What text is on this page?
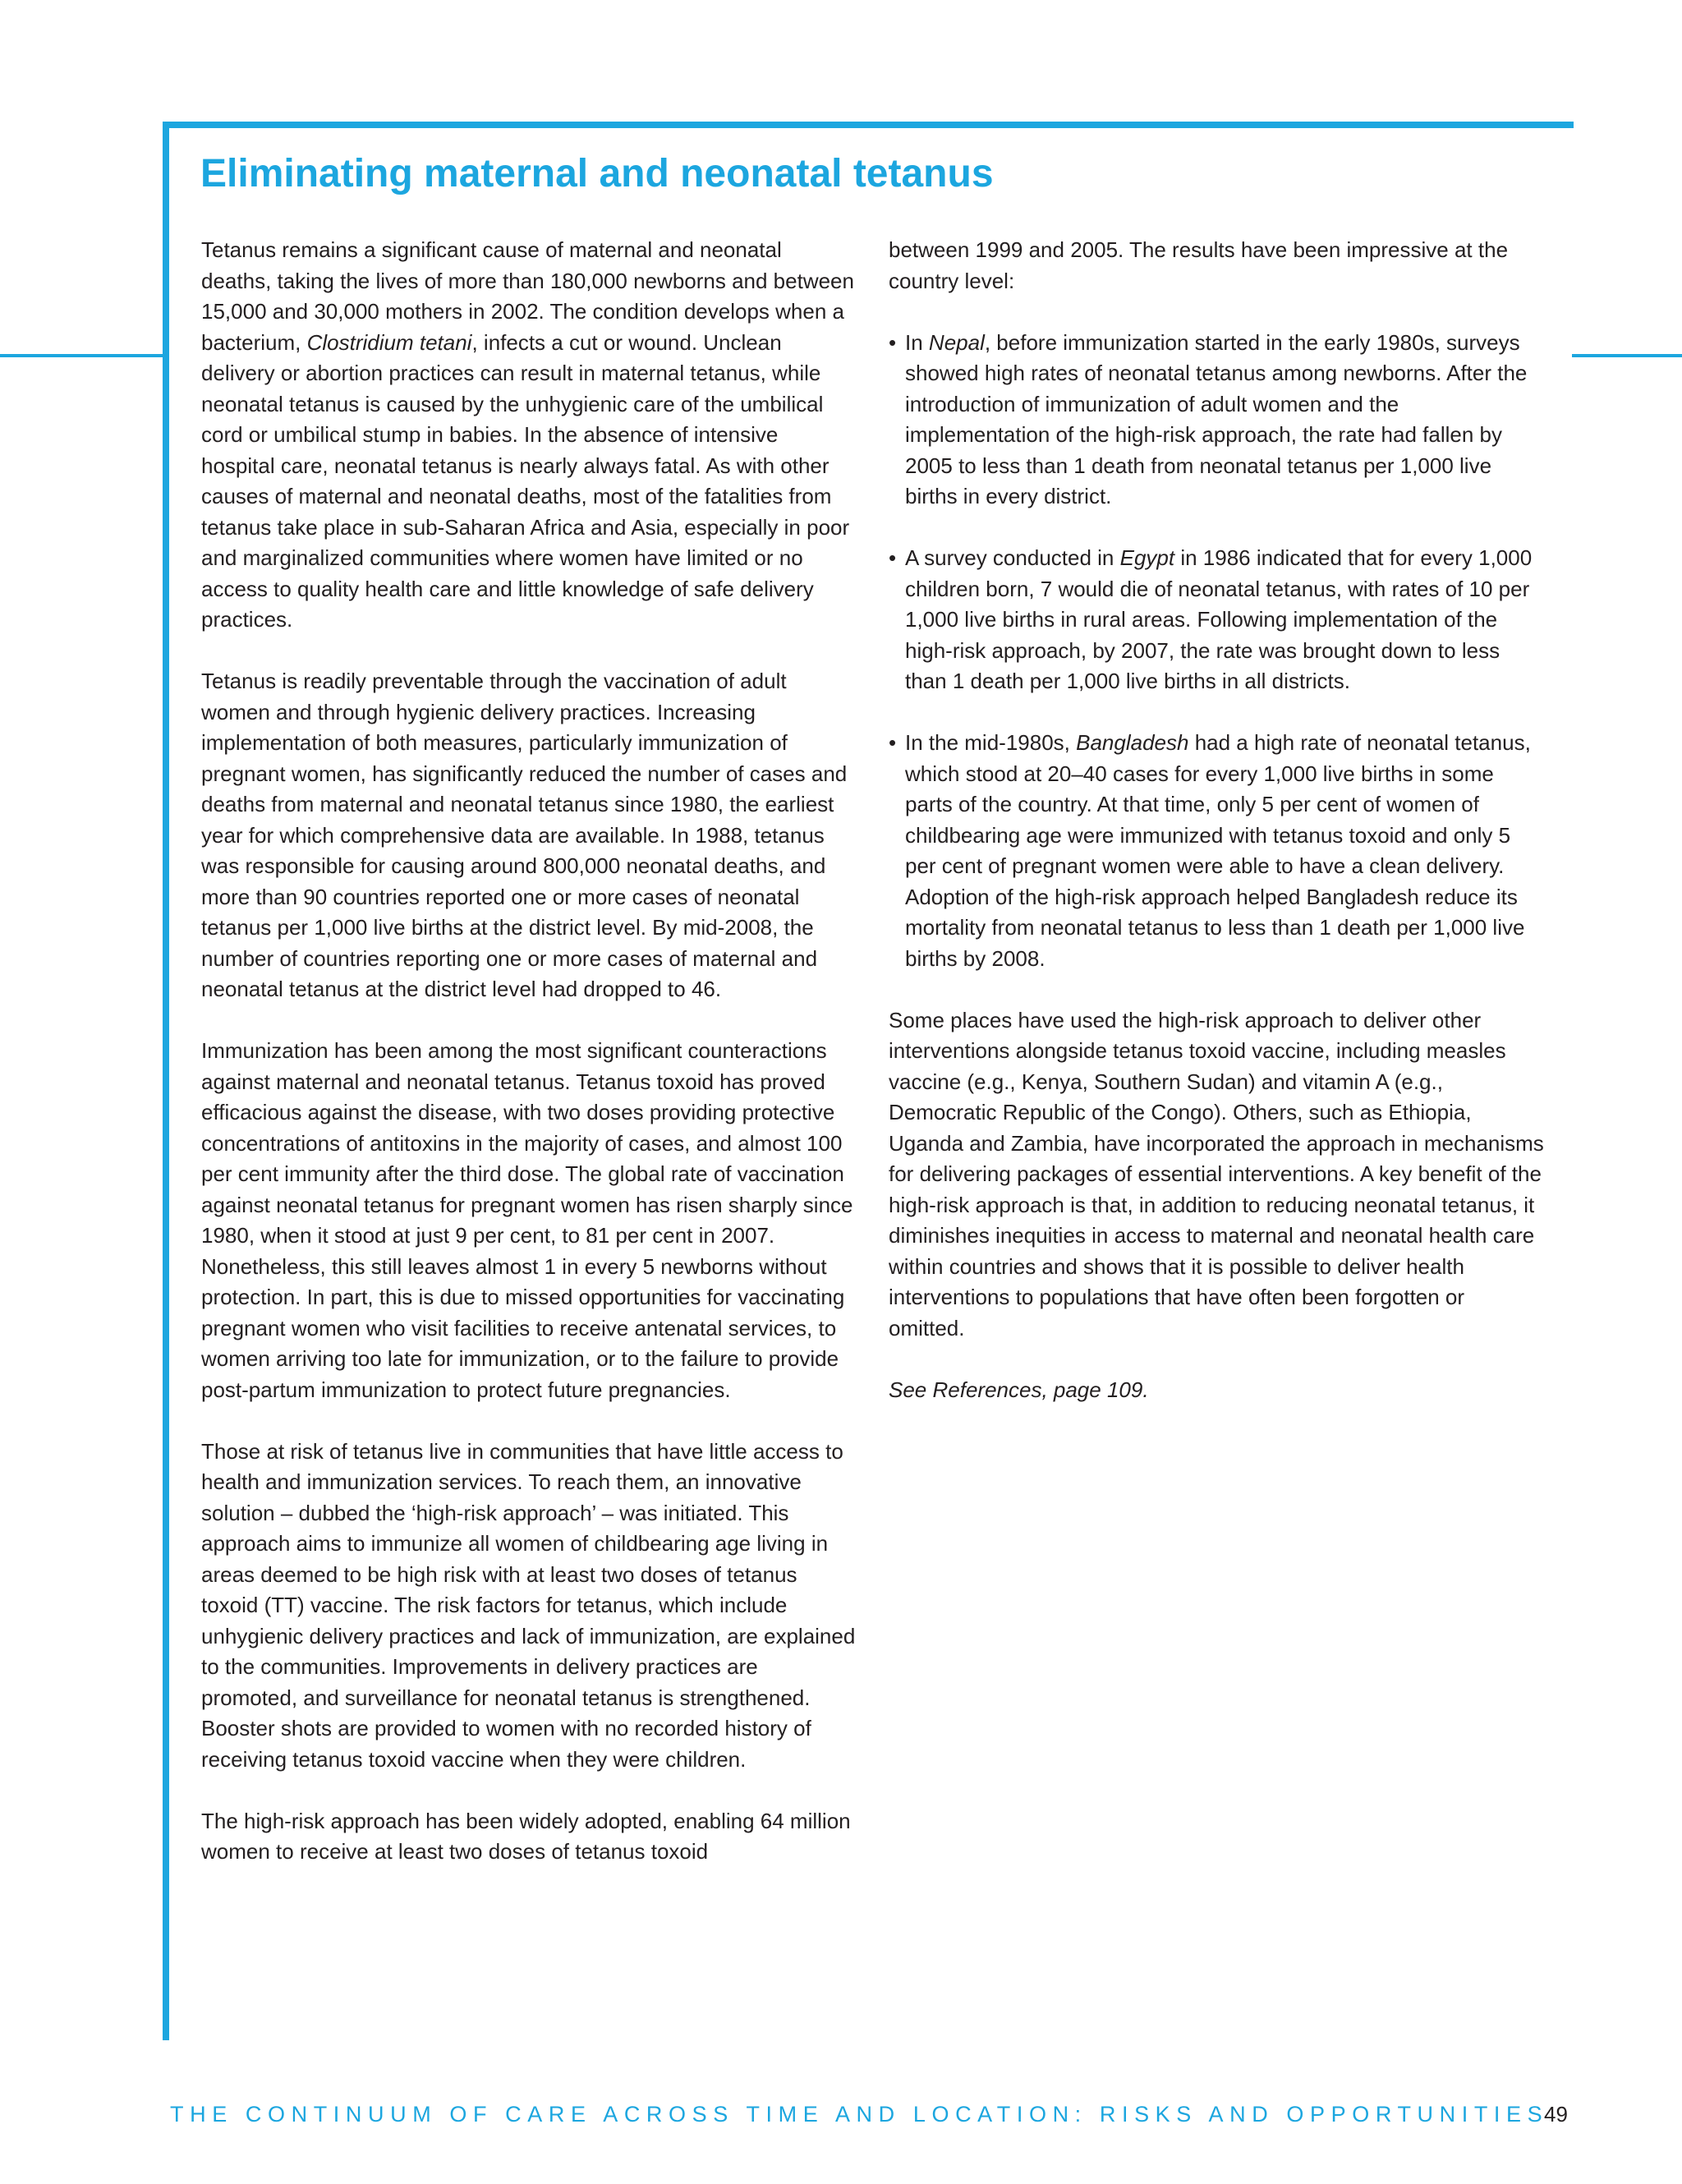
Eliminating maternal and neonatal tetanus

Tetanus remains a significant cause of maternal and neonatal deaths, taking the lives of more than 180,000 newborns and between 15,000 and 30,000 mothers in 2002. The condition develops when a bacterium, Clostridium tetani, infects a cut or wound. Unclean delivery or abortion practices can result in maternal tetanus, while neonatal tetanus is caused by the unhygienic care of the umbilical cord or umbilical stump in babies. In the absence of intensive hospital care, neonatal tetanus is nearly always fatal. As with other causes of maternal and neonatal deaths, most of the fatalities from tetanus take place in sub-Saharan Africa and Asia, especially in poor and marginalized communities where women have limited or no access to quality health care and little knowledge of safe delivery practices.

Tetanus is readily preventable through the vaccination of adult women and through hygienic delivery practices. Increasing implementation of both measures, particularly immunization of pregnant women, has significantly reduced the number of cases and deaths from maternal and neonatal tetanus since 1980, the earliest year for which comprehensive data are available. In 1988, tetanus was responsible for causing around 800,000 neonatal deaths, and more than 90 countries reported one or more cases of neonatal tetanus per 1,000 live births at the district level. By mid-2008, the number of countries reporting one or more cases of maternal and neonatal tetanus at the district level had dropped to 46.

Immunization has been among the most significant counteractions against maternal and neonatal tetanus. Tetanus toxoid has proved efficacious against the disease, with two doses providing protective concentrations of antitoxins in the majority of cases, and almost 100 per cent immunity after the third dose. The global rate of vaccination against neonatal tetanus for pregnant women has risen sharply since 1980, when it stood at just 9 per cent, to 81 per cent in 2007. Nonetheless, this still leaves almost 1 in every 5 newborns without protection. In part, this is due to missed opportunities for vaccinating pregnant women who visit facilities to receive antenatal services, to women arriving too late for immunization, or to the failure to provide post-partum immunization to protect future pregnancies.

Those at risk of tetanus live in communities that have little access to health and immunization services. To reach them, an innovative solution – dubbed the ‘high-risk approach’ – was initiated. This approach aims to immunize all women of childbearing age living in areas deemed to be high risk with at least two doses of tetanus toxoid (TT) vaccine. The risk factors for tetanus, which include unhygienic delivery practices and lack of immunization, are explained to the communities. Improvements in delivery practices are promoted, and surveillance for neonatal tetanus is strengthened. Booster shots are provided to women with no recorded history of receiving tetanus toxoid vaccine when they were children.

The high-risk approach has been widely adopted, enabling 64 million women to receive at least two doses of tetanus toxoid

between 1999 and 2005. The results have been impressive at the country level:

• In Nepal, before immunization started in the early 1980s, surveys showed high rates of neonatal tetanus among newborns. After the introduction of immunization of adult women and the implementation of the high-risk approach, the rate had fallen by 2005 to less than 1 death from neonatal tetanus per 1,000 live births in every district.
• A survey conducted in Egypt in 1986 indicated that for every 1,000 children born, 7 would die of neonatal tetanus, with rates of 10 per 1,000 live births in rural areas. Following implementation of the high-risk approach, by 2007, the rate was brought down to less than 1 death per 1,000 live births in all districts.
• In the mid-1980s, Bangladesh had a high rate of neonatal tetanus, which stood at 20–40 cases for every 1,000 live births in some parts of the country. At that time, only 5 per cent of women of childbearing age were immunized with tetanus toxoid and only 5 per cent of pregnant women were able to have a clean delivery. Adoption of the high-risk approach helped Bangladesh reduce its mortality from neonatal tetanus to less than 1 death per 1,000 live births by 2008.

Some places have used the high-risk approach to deliver other interventions alongside tetanus toxoid vaccine, including measles vaccine (e.g., Kenya, Southern Sudan) and vitamin A (e.g., Democratic Republic of the Congo). Others, such as Ethiopia, Uganda and Zambia, have incorporated the approach in mechanisms for delivering packages of essential interventions. A key benefit of the high-risk approach is that, in addition to reducing neonatal tetanus, it diminishes inequities in access to maternal and neonatal health care within countries and shows that it is possible to deliver health interventions to populations that have often been forgotten or omitted.

See References, page 109.

THE CONTINUUM OF CARE ACROSS TIME AND LOCATION: RISKS AND OPPORTUNITIES
49
